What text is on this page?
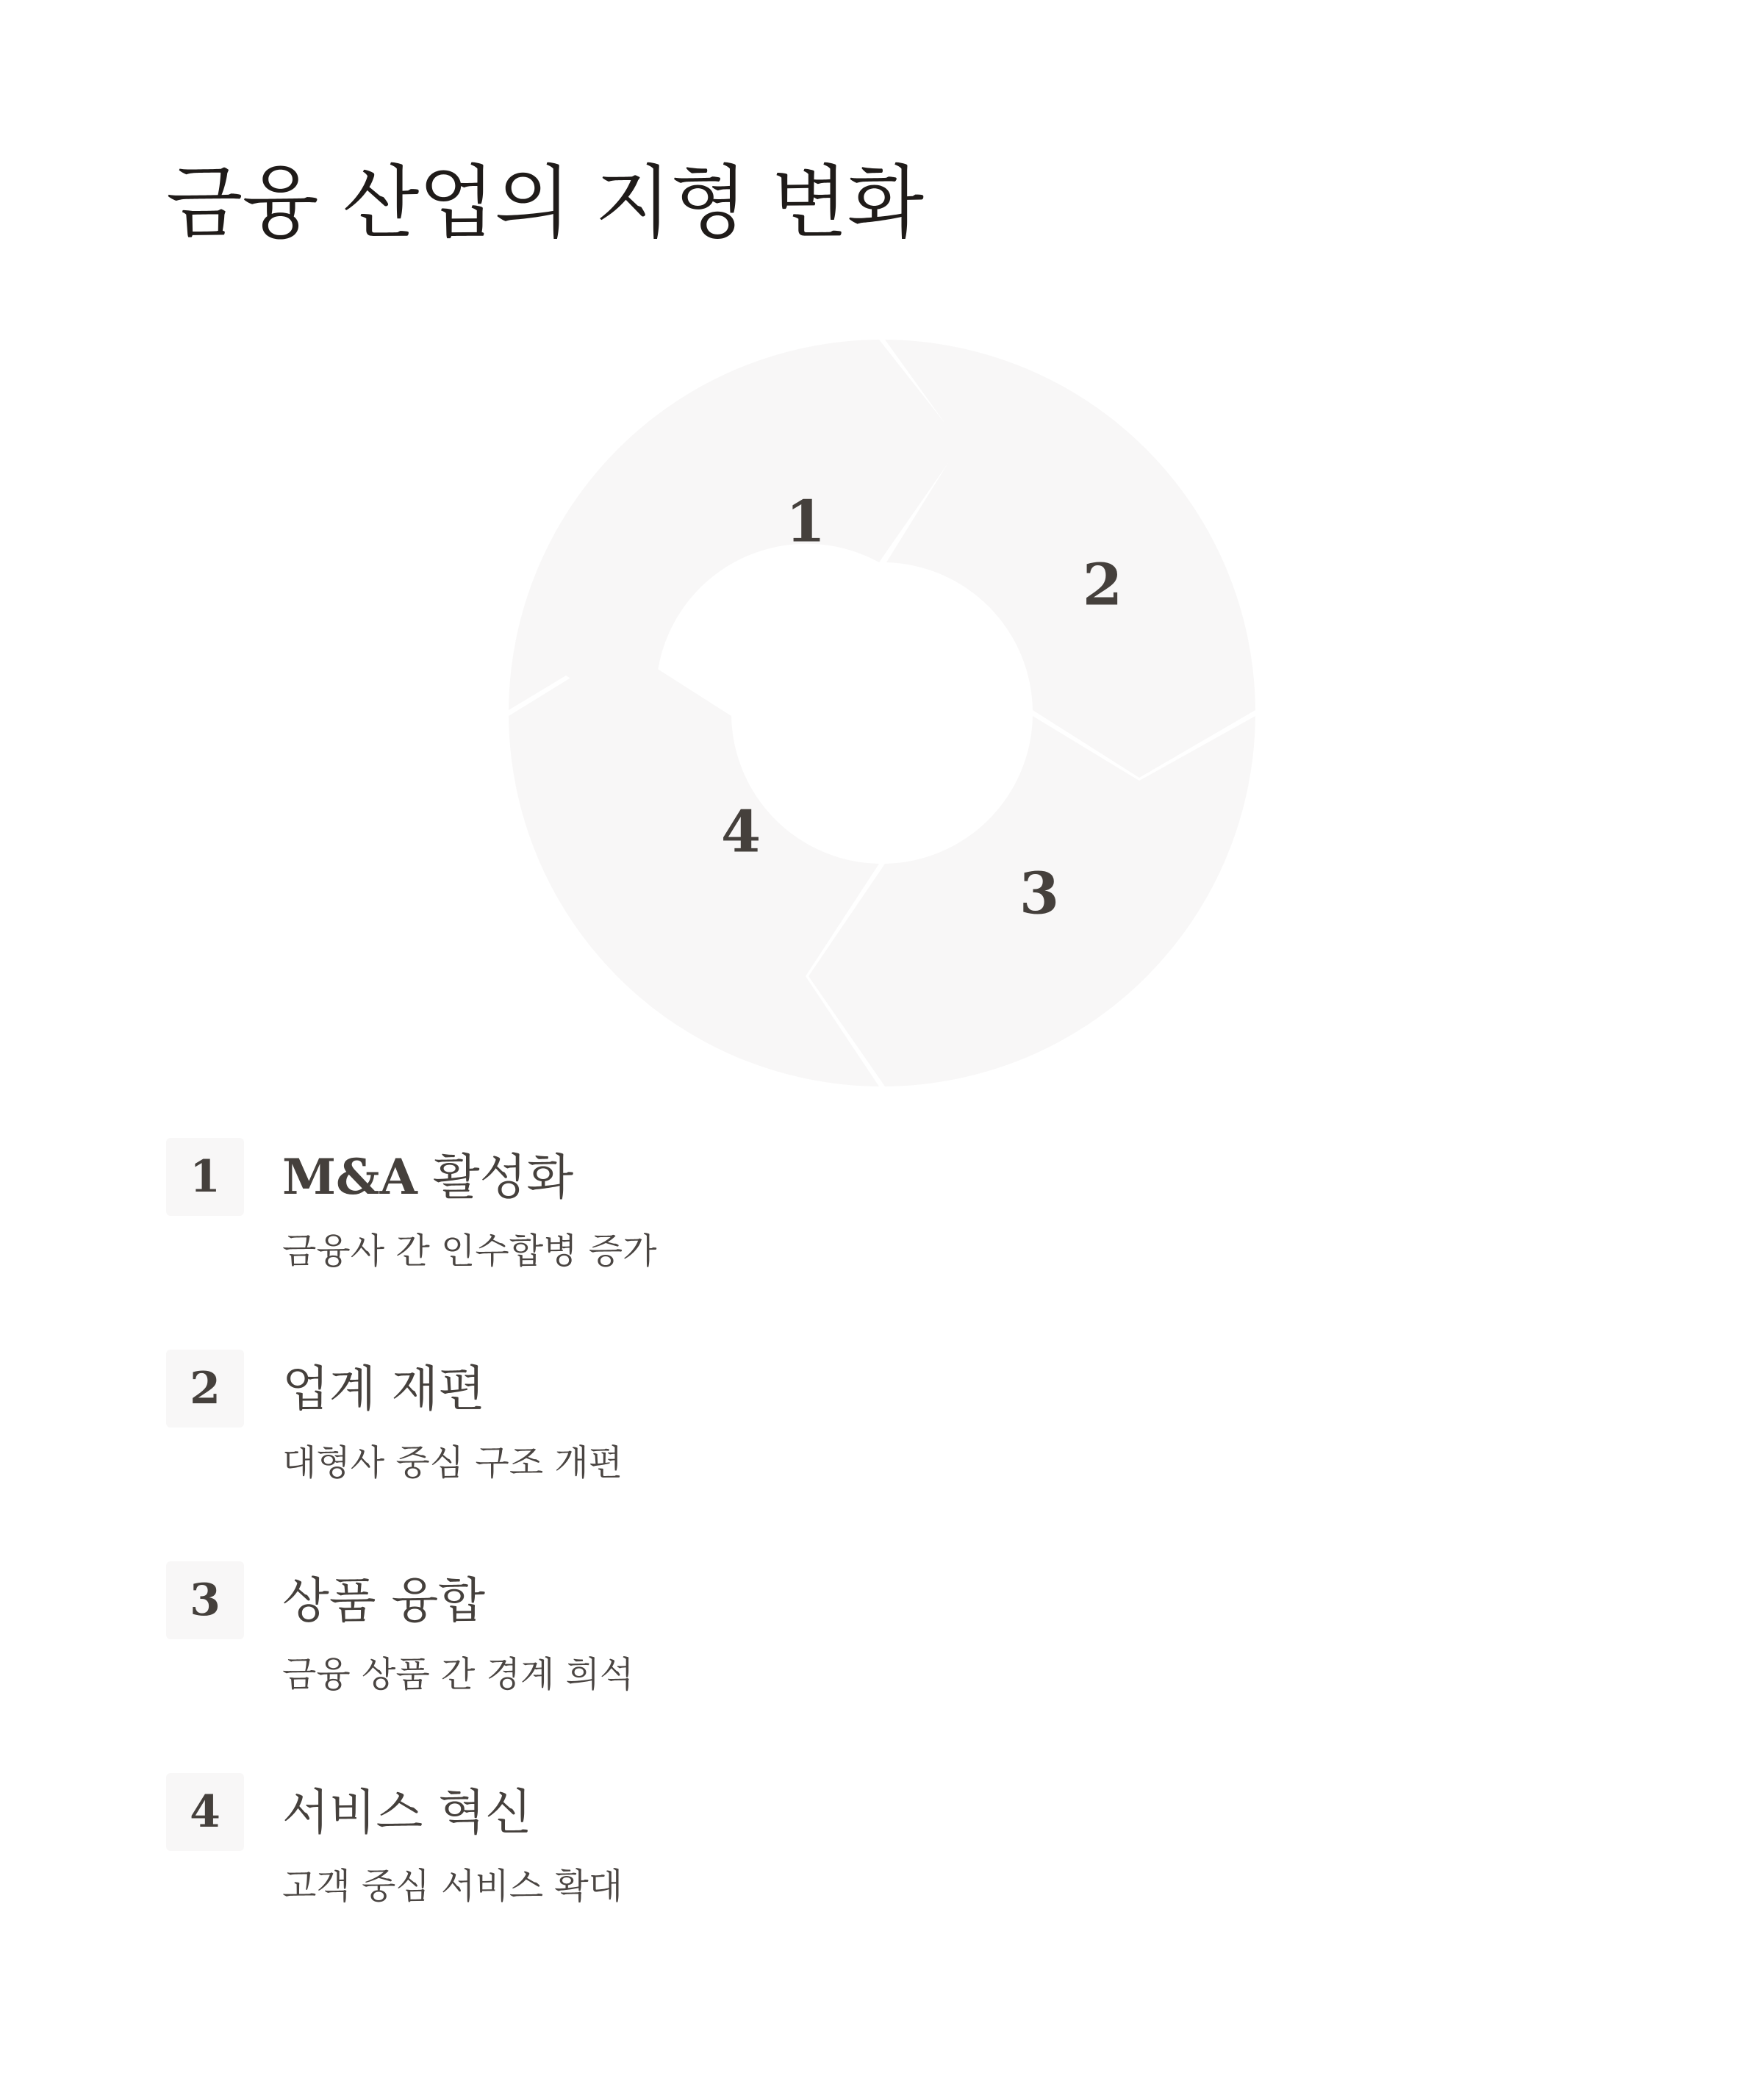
금융 산업의 지형 변화
1
2
3
4
1	M&A 활성화
금융사 간 인수합병 증가
2	업계 재편
대형사 중심 구조 개편
3	상품 융합
금융 상품 간 경계 희석
4	서비스 혁신
고객 중심 서비스 확대
